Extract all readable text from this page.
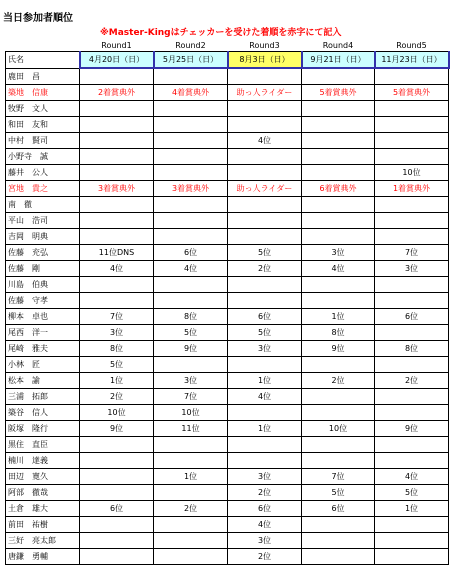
当日参加者順位
※Master-Kingはチェッカーを受けた着順を赤字にて記入
	Round1	Round2	Round3	Round4	Round5
氏名	4月20日（日）	5月25日（日）	8月3日（日）	9月21日（日）	11月23日（日）
鹿田　昌					
築地　信康	2着賞典外	4着賞典外	助っ人ライダー	5着賞典外	5着賞典外
牧野　文人					
和田　友和					
中村　賢司			4位		
小野寺　誠					
藤井　公人					10位
宮地　貴之	3着賞典外	3着賞典外	助っ人ライダー	6着賞典外	1着賞典外
南　徹					
平山　浩司					
吉岡　明典					
佐藤　充弘	11位DNS	6位	5位	3位	7位
佐藤　剛	4位	4位	2位	4位	3位
川島　伯典					
佐藤　守孝					
柳本　卓也	7位	8位	6位	1位	6位
尾西　洋一	3位	5位	5位	8位	
尾崎　雅夫	8位	9位	3位	9位	8位
小林　匠	5位				
松本　諭	1位	3位	1位	2位	2位
三浦　拓郎	2位	7位	4位		
築谷　信人	10位	10位			
阪塚　隆行	9位	11位	1位	10位	9位
黒住　直臣					
楠川　達義					
田辺　寛久		1位	3位	7位	4位
阿部　徹哉			2位	5位	5位
土倉　雄大	6位	2位	6位	6位	1位
前田　祐樹			4位		
三好　亮太郎			3位		
唐鎌　勇輔			2位		
